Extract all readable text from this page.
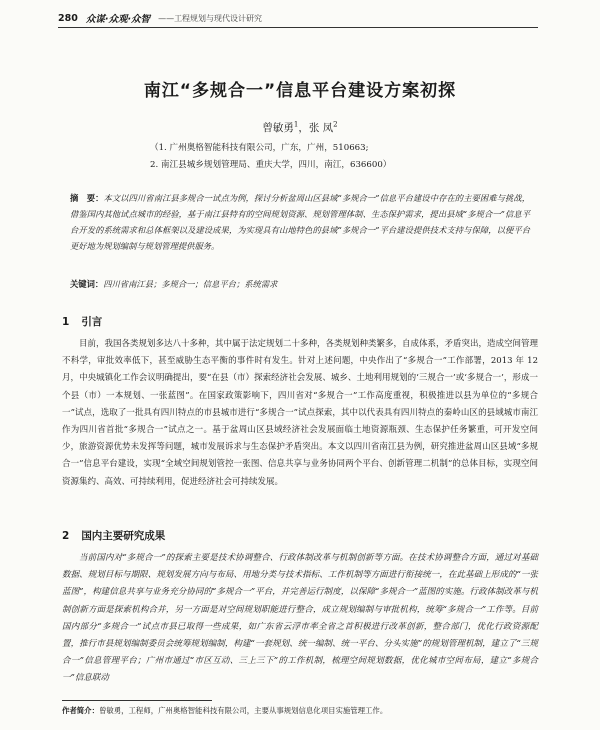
280 众谋·众观·众智 ——工程规划与现代设计研究
南江“多规合一”信息平台建设方案初探
曾敏勇$^1$，张 凤$^2$
（1. 广州奥格智能科技有限公司，广东，广州，510663;
2. 南江县城乡规划管理局、重庆大学，四川，南江，636600）
摘　要：本文以四川省南江县多规合一试点为例，探讨分析盆周山区县域“多规合一”信息平台建设中存在的主要困难与挑战，借鉴国内其他试点城市的经验，基于南江县特有的空间规划资源、规划管理体制、生态保护需求，提出县域“多规合一”信息平台开发的系统需求和总体框架以及建设成果，为实现具有山地特色的县域“多规合一”平台建设提供技术支持与保障，以便平台更好地为规划编制与规划管理提供服务。
关键词：四川省南江县；多规合一；信息平台；系统需求
1 引言
目前，我国各类规划多达八十多种，其中属于法定规划二十多种，各类规划种类繁多，自成体系，矛盾突出，造成空间管理不科学，审批效率低下，甚至威胁生态平衡的事件时有发生。针对上述问题，中央作出了“多规合一”工作部署，2013 年 12 月，中央城镇化工作会议明确提出，要“在县（市）探索经济社会发展、城乡、土地利用规划的‘三规合一’或‘多规合一’，形成一个县（市）一本规划、一张蓝图”。在国家政策影响下，四川省对“多规合一”工作高度重视，积极推进以县为单位的“多规合一”试点，选取了一批具有四川特点的市县城市进行“多规合一”试点探索，其中以代表具有四川特点的秦岭山区的县域城市南江作为四川省首批“多规合一”试点之一。基于盆周山区县域经济社会发展面临土地资源瓶颈、生态保护任务繁重，可开发空间少，旅游资源优势未发挥等问题，城市发展诉求与生态保护矛盾突出。本文以四川省南江县为例，研究推进盆周山区县域“多规合一”信息平台建设，实现“全域空间规划管控一张图、信息共享与业务协同两个平台、创新管理二机制”的总体目标，实现空间资源集约、高效、可持续利用，促进经济社会可持续发展。
2 国内主要研究成果
当前国内对“多规合一”的探索主要是技术协调整合、行政体制改革与机制创新等方面。在技术协调整合方面，通过对基础数据、规划目标与期限、规划发展方向与布局、用地分类与技术指标、工作机制等方面进行衔接统一，在此基础上形成的“一张蓝图”，构建信息共享与业务充分协同的“多规合一”平台，并完善运行制度，以保障“多规合一”蓝图的实施。行政体制改革与机制创新方面是探索机构合并，另一方面是对空间规划职能进行整合，成立规划编制与审批机构，统筹“多规合一”工作等。目前国内部分“多规合一”试点市县已取得一些成果，如广东省云浮市率全省之首积极进行改革创新，整合部门，优化行政资源配置，推行市县规划编制委员会统筹规划编制，构建“一套规划、统一编制、统一平台、分头实施”的规划管理机制，建立了“三规合一”信息管理平台；广州市通过“市区互动、三上三下”的工作机制，梳理空间规划数据，优化城市空间布局，建立“多规合一”信息联动
作者简介：曾敏勇，工程师，广州奥格智能科技有限公司，主要从事规划信息化项目实施管理工作。
